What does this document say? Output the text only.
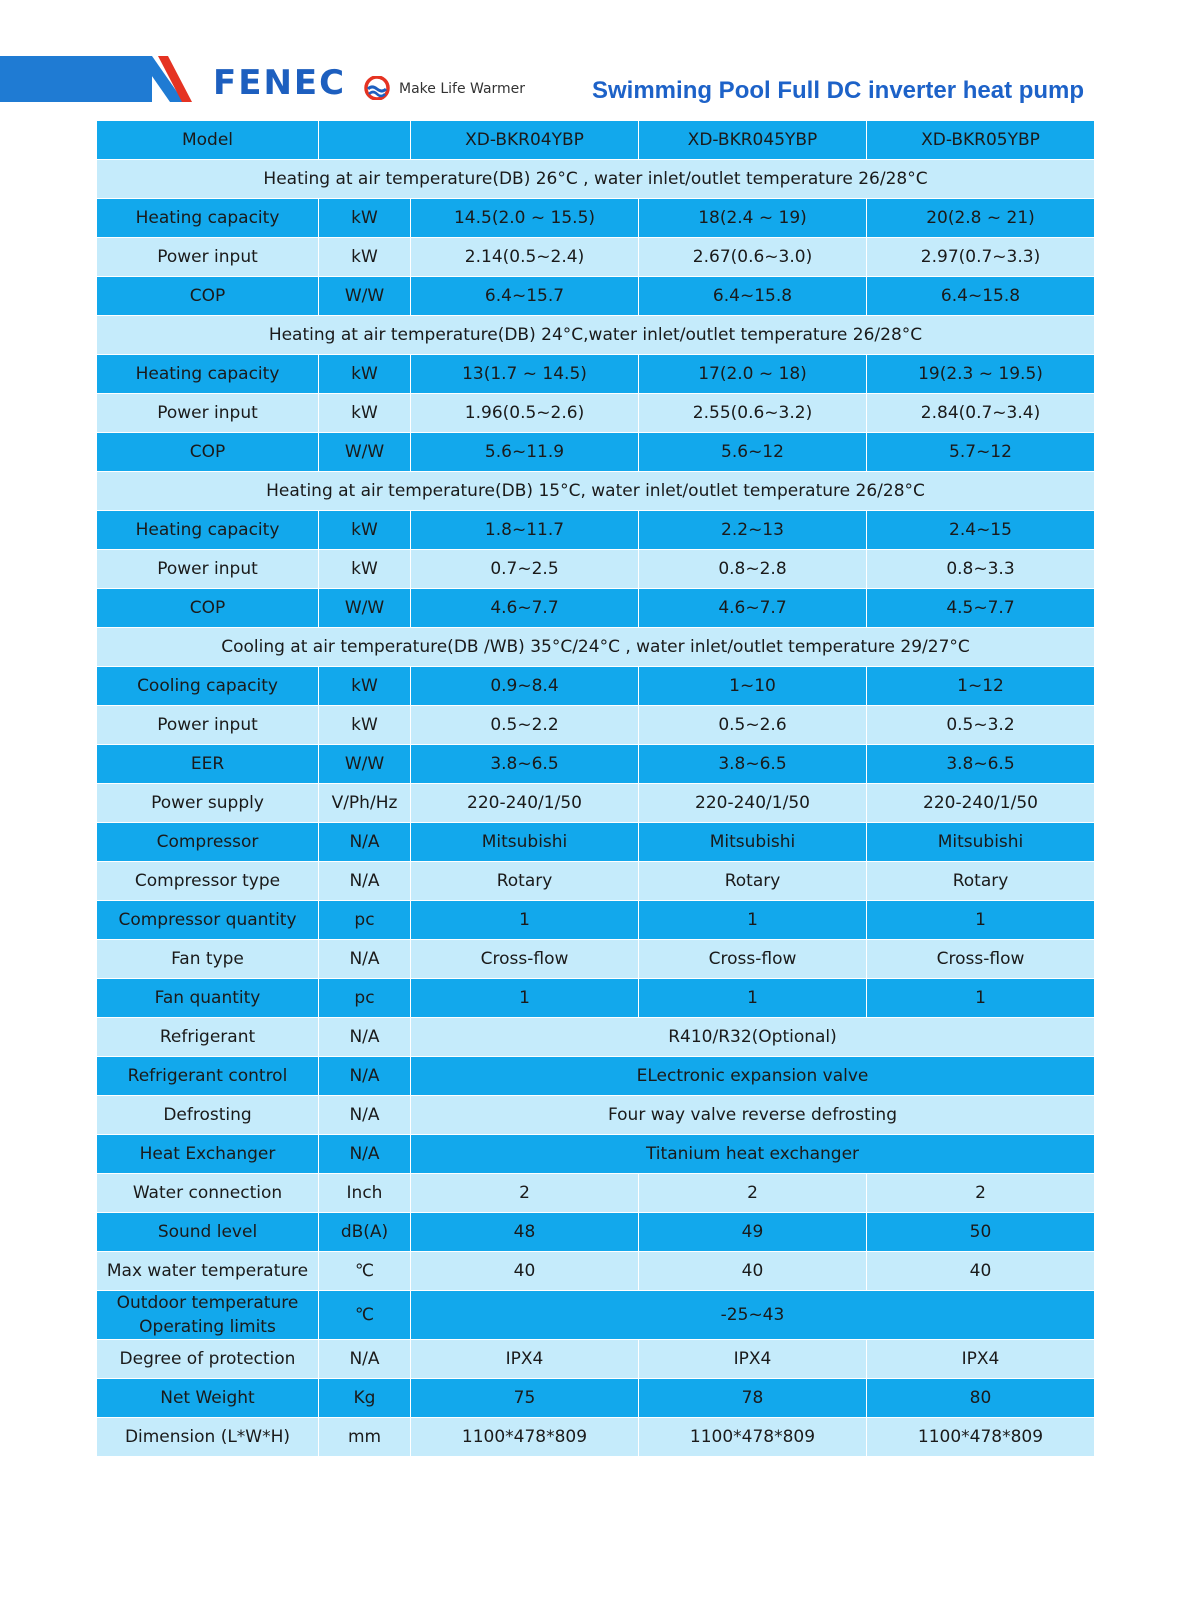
FENEC	Make Life Warmer	Swimming Pool Full DC inverter heat pump
Model		XD-BKR04YBP	XD-BKR045YBP	XD-BKR05YBP
Heating at air temperature(DB) 26°C , water inlet/outlet temperature 26/28°C				
Heating capacity	kW	14.5(2.0 ~ 15.5)	18(2.4 ~ 19)	20(2.8 ~ 21)
Power input	kW	2.14(0.5~2.4)	2.67(0.6~3.0)	2.97(0.7~3.3)
COP	W/W	6.4~15.7	6.4~15.8	6.4~15.8
Heating at air temperature(DB) 24°C,water inlet/outlet temperature 26/28°C				
Heating capacity	kW	13(1.7 ~ 14.5)	17(2.0 ~ 18)	19(2.3 ~ 19.5)
Power input	kW	1.96(0.5~2.6)	2.55(0.6~3.2)	2.84(0.7~3.4)
COP	W/W	5.6~11.9	5.6~12	5.7~12
Heating at air temperature(DB) 15°C, water inlet/outlet temperature 26/28°C				
Heating capacity	kW	1.8~11.7	2.2~13	2.4~15
Power input	kW	0.7~2.5	0.8~2.8	0.8~3.3
COP	W/W	4.6~7.7	4.6~7.7	4.5~7.7
Cooling at air temperature(DB /WB) 35°C/24°C , water inlet/outlet temperature 29/27°C				
Cooling capacity	kW	0.9~8.4	1~10	1~12
Power input	kW	0.5~2.2	0.5~2.6	0.5~3.2
EER	W/W	3.8~6.5	3.8~6.5	3.8~6.5
Power supply	V/Ph/Hz	220-240/1/50	220-240/1/50	220-240/1/50
Compressor	N/A	Mitsubishi	Mitsubishi	Mitsubishi
Compressor type	N/A	Rotary	Rotary	Rotary
Compressor quantity	pc	1	1	1
Fan type	N/A	Cross-flow	Cross-flow	Cross-flow
Fan quantity	pc	1	1	1
Refrigerant	N/A	R410/R32(Optional)		
Refrigerant control	N/A	ELectronic expansion valve		
Defrosting	N/A	Four way valve reverse defrosting		
Heat Exchanger	N/A	Titanium heat exchanger		
Water connection	Inch	2	2	2
Sound level	dB(A)	48	49	50
Max water temperature	℃	40	40	40
Outdoor temperature
Operating limits	℃	-25~43		
Degree of protection	N/A	IPX4	IPX4	IPX4
Net Weight	Kg	75	78	80
Dimension (L*W*H)	mm	1100*478*809	1100*478*809	1100*478*809
